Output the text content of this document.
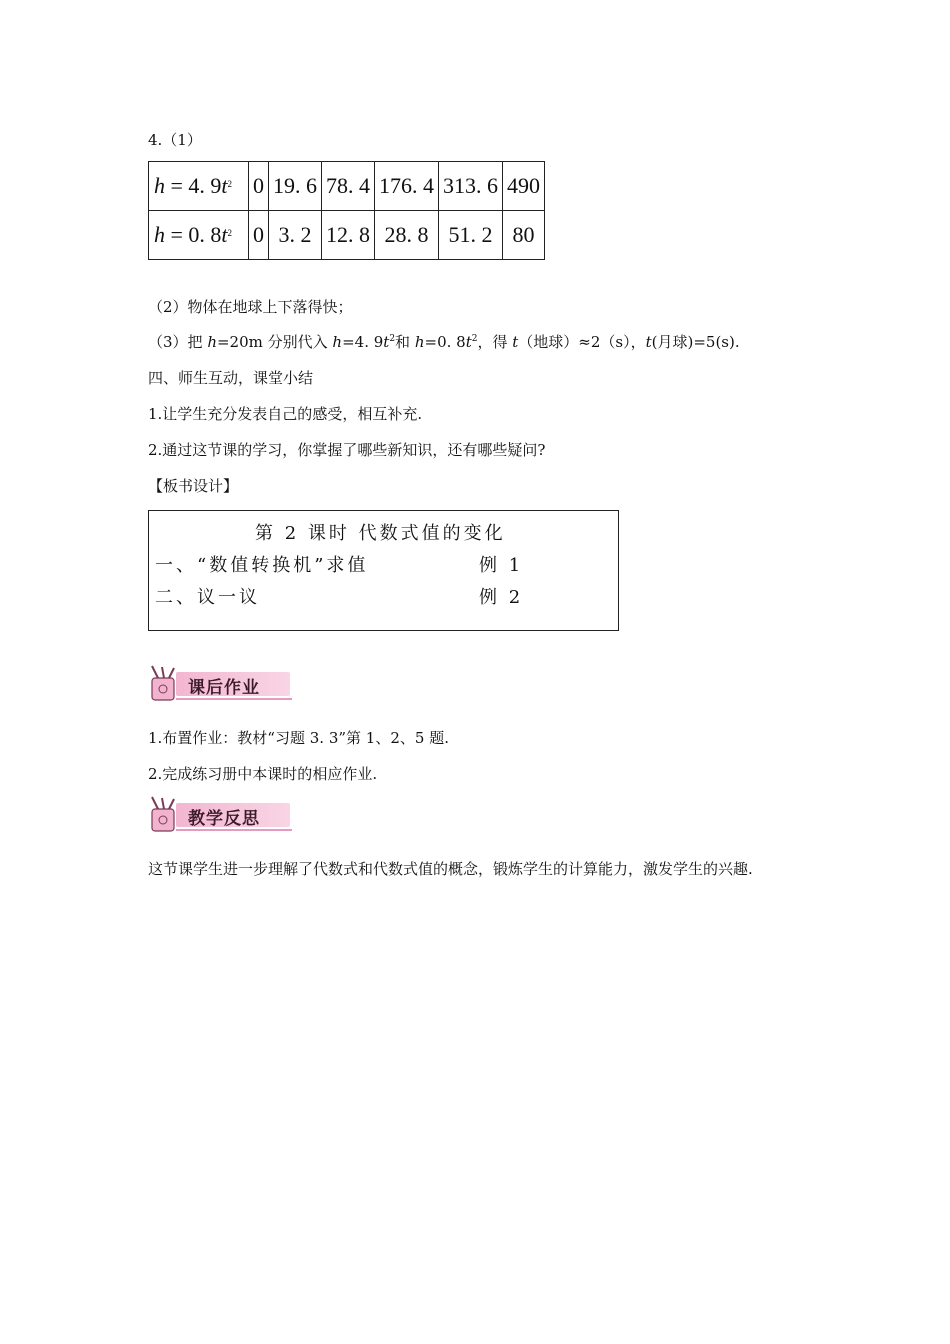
4.（1）
h = 4. $9t^2$	0	19. 6	78. 4	176. 4	313. 6	490
h = 0. $8t^2$	0	3. 2	12. 8	28. 8	51. 2	80
（2）物体在地球上下落得快；
（3）把 h=20m 分别代入 h=4. $9t^2$和 h=0. $8t^2$，得 t（地球）≈2（s），t(月球)=5(s).
四、师生互动，课堂小结
1.让学生充分发表自己的感受，相互补充.
2.通过这节课的学习，你掌握了哪些新知识，还有哪些疑问?
【板书设计】
第 2 课时 代数式值的变化
一、“数值转换机”求值	例 1
二、议一议	例 2
课后作业
1.布置作业：教材“习题 3. 3”第 1、2、5 题.
2.完成练习册中本课时的相应作业.
教学反思
这节课学生进一步理解了代数式和代数式值的概念，锻炼学生的计算能力，激发学生的兴趣.
